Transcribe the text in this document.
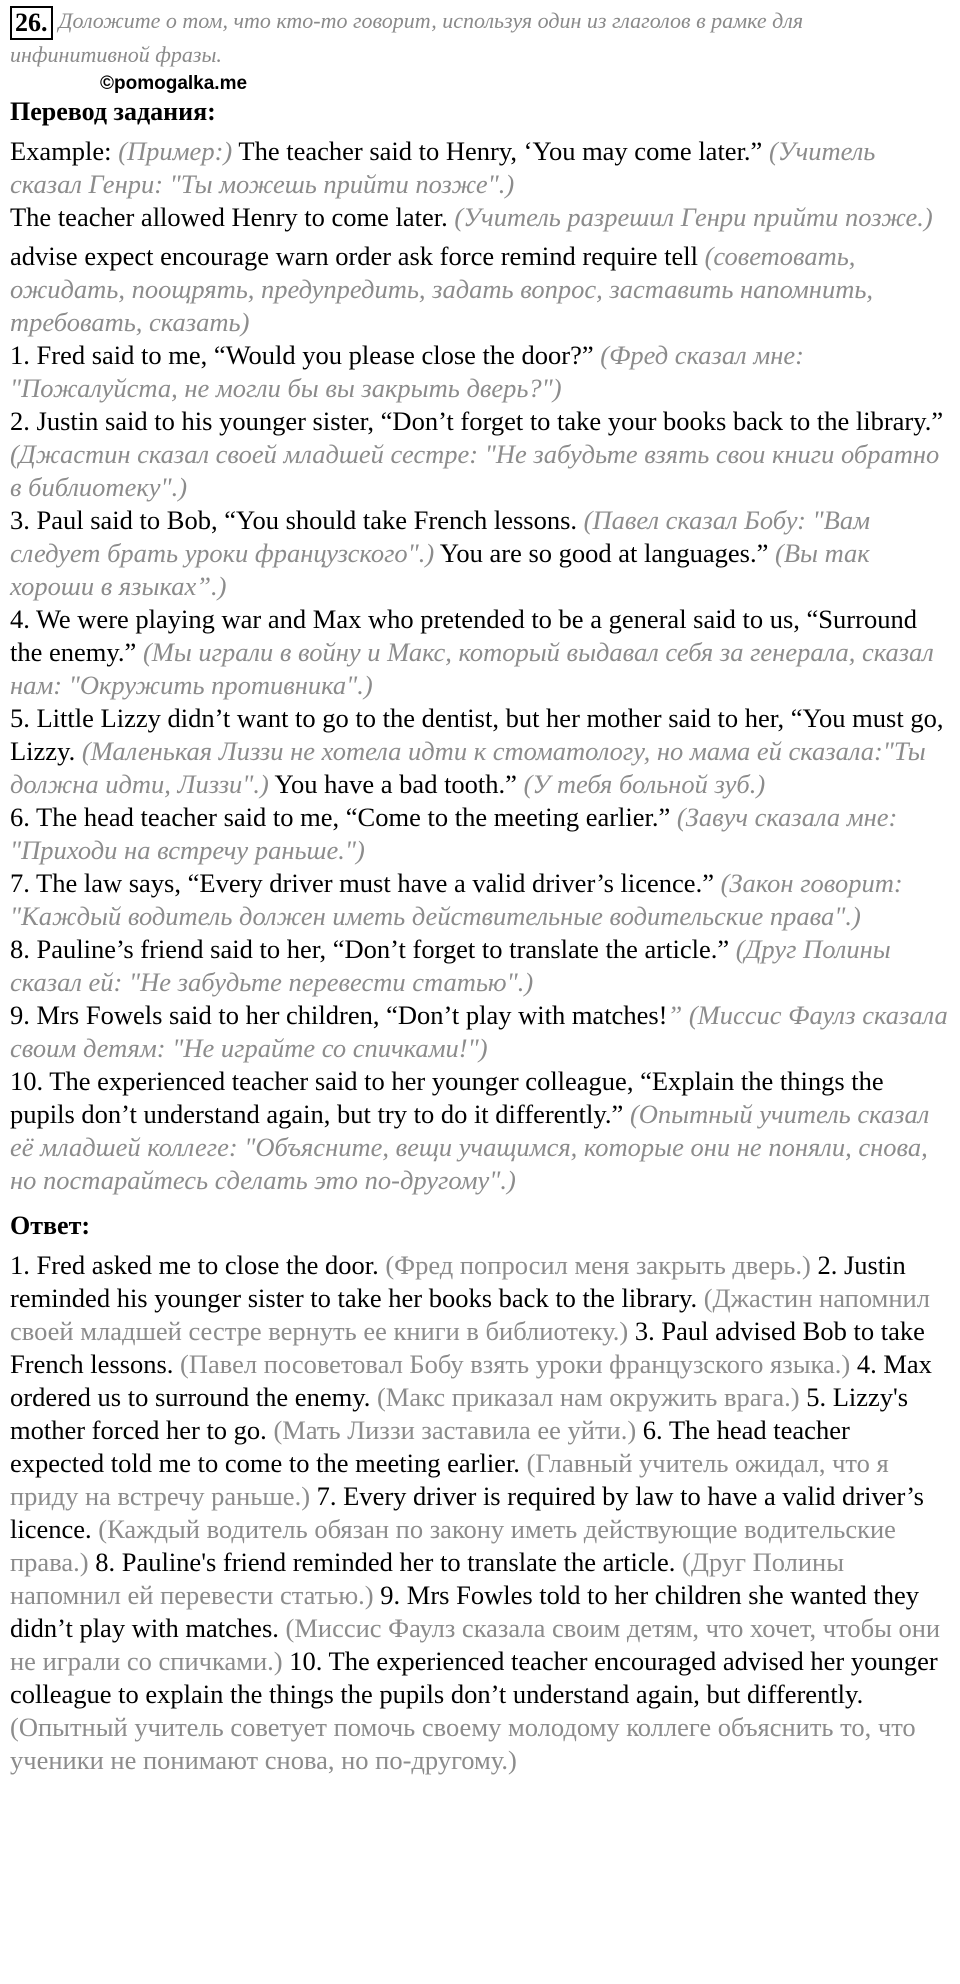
26. Доложите о том, что кто-то говорит, используя один из глаголов в рамке для инфинитивной фразы.
©pomogalka.me
Перевод задания:

Example: (Пример:) The teacher said to Henry, ‘You may come later.” (Учитель сказал Генри: "Ты можешь прийти позже".)

The teacher allowed Henry to come later. (Учитель разрешил Генри прийти позже.)

advise expect encourage warn order ask force remind require tell (советовать, ожидать, поощрять, предупредить, задать вопрос, заставить напомнить, требовать, сказать)

1. Fred said to me, “Would you please close the door?” (Фред сказал мне: "Пожалуйста, не могли бы вы закрыть дверь?")

2. Justin said to his younger sister, “Don’t forget to take your books back to the library.” (Джастин сказал своей младшей сестре: "Не забудьте взять свои книги обратно в библиотеку".)

3. Paul said to Bob, “You should take French lessons. (Павел сказал Бобу: "Вам следует брать уроки французского".) You are so good at languages.” (Вы так хороши в языках”.)

4. We were playing war and Max who pretended to be a general said to us, “Surround the enemy.” (Мы играли в войну и Макс, который выдавал себя за генерала, сказал нам: "Окружить противника".)

5. Little Lizzy didn’t want to go to the dentist, but her mother said to her, “You must go, Lizzy. (Маленькая Лиззи не хотела идти к стоматологу, но мама ей сказала:"Ты должна идти, Лиззи".) You have a bad tooth.” (У тебя больной зуб.)

6. The head teacher said to me, “Come to the meeting earlier.” (Завуч сказала мне: "Приходи на встречу раньше.")

7. The law says, “Every driver must have a valid driver’s licence.” (Закон говорит: "Каждый водитель должен иметь действительные водительские права".)

8. Pauline’s friend said to her, “Don’t forget to translate the article.” (Друг Полины сказал ей: "Не забудьте перевести статью".)

9. Mrs Fowels said to her children, “Don’t play with matches!” (Миссис Фаулз сказала своим детям: "Не играйте со спичками!")

10. The experienced teacher said to her younger colleague, “Explain the things the pupils don’t understand again, but try to do it differently.” (Опытный учитель сказал её младшей коллеге: "Объясните, вещи учащимся, которые они не поняли, снова, но постарайтесь сделать это по-другому".)

Ответ:

1. Fred asked me to close the door. (Фред попросил меня закрыть дверь.) 2. Justin reminded his younger sister to take her books back to the library. (Джастин напомнил своей младшей сестре вернуть ее книги в библиотеку.) 3. Paul advised Bob to take French lessons. (Павел посоветовал Бобу взять уроки французского языка.) 4. Max ordered us to surround the enemy. (Макс приказал нам окружить врага.) 5. Lizzy's mother forced her to go. (Мать Лиззи заставила ее уйти.) 6. The head teacher expected told me to come to the meeting earlier. (Главный учитель ожидал, что я приду на встречу раньше.) 7. Every driver is required by law to have a valid driver’s licence. (Каждый водитель обязан по закону иметь действующие водительские права.) 8. Pauline's friend reminded her to translate the article. (Друг Полины напомнил ей перевести статью.) 9. Mrs Fowles told to her children she wanted they didn’t play with matches. (Миссис Фаулз сказала своим детям, что хочет, чтобы они не играли со спичками.) 10. The experienced teacher encouraged advised her younger colleague to explain the things the pupils don’t understand again, but differently. (Опытный учитель советует помочь своему молодому коллеге объяснить то, что ученики не понимают снова, но по-другому.)
